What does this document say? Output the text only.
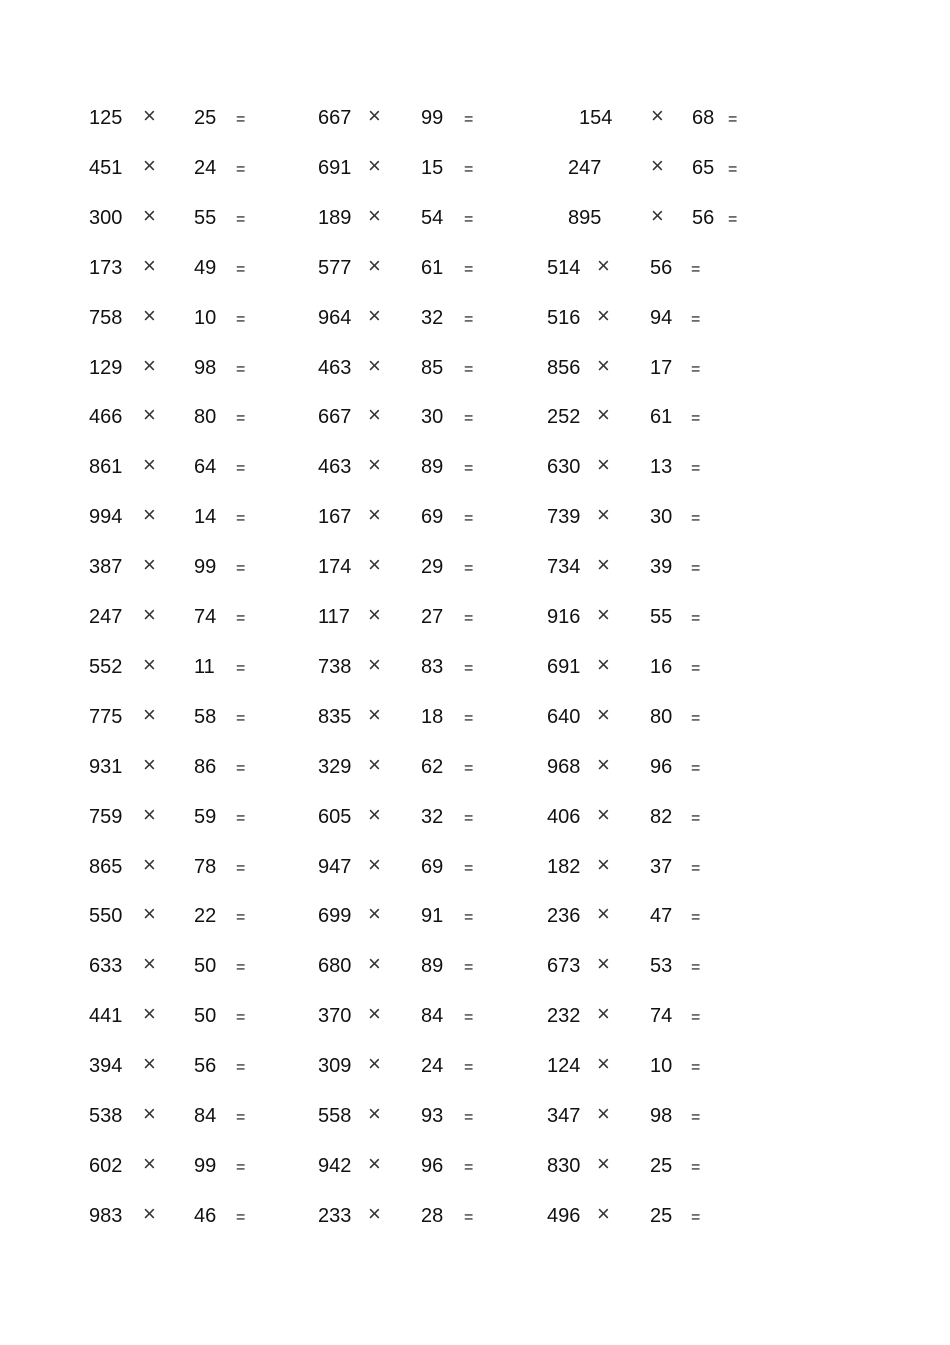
125 × 25 =
451 × 24 =
300 × 55 =
173 × 49 =
758 × 10 =
129 × 98 =
466 × 80 =
861 × 64 =
994 × 14 =
387 × 99 =
247 × 74 =
552 × 11 =
775 × 58 =
931 × 86 =
759 × 59 =
865 × 78 =
550 × 22 =
633 × 50 =
441 × 50 =
394 × 56 =
538 × 84 =
602 × 99 =
983 × 46 =
667 × 99 =
691 × 15 =
189 × 54 =
577 × 61 =
964 × 32 =
463 × 85 =
667 × 30 =
463 × 89 =
167 × 69 =
174 × 29 =
117 × 27 =
738 × 83 =
835 × 18 =
329 × 62 =
605 × 32 =
947 × 69 =
699 × 91 =
680 × 89 =
370 × 84 =
309 × 24 =
558 × 93 =
942 × 96 =
233 × 28 =
154 × 68 =
247 × 65 =
895 × 56 =
514 × 56 =
516 × 94 =
856 × 17 =
252 × 61 =
630 × 13 =
739 × 30 =
734 × 39 =
916 × 55 =
691 × 16 =
640 × 80 =
968 × 96 =
406 × 82 =
182 × 37 =
236 × 47 =
673 × 53 =
232 × 74 =
124 × 10 =
347 × 98 =
830 × 25 =
496 × 25 =
